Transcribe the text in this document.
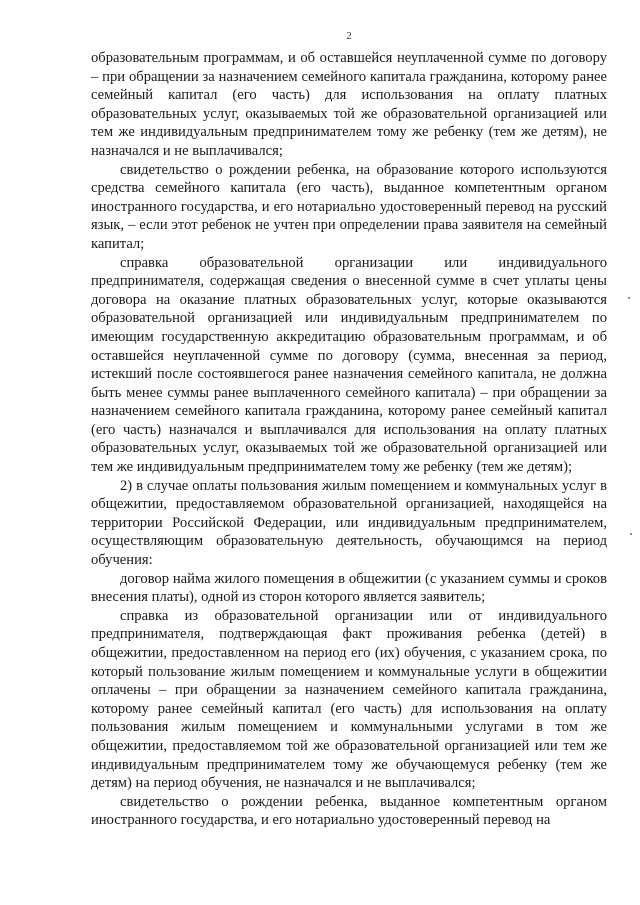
2

образовательным программам, и об оставшейся неуплаченной сумме по договору – при обращении за назначением семейного капитала гражданина, которому ранее семейный капитал (его часть) для использования на оплату платных образовательных услуг, оказываемых той же образовательной организацией или тем же индивидуальным предпринимателем тому же ребенку (тем же детям), не назначался и не выплачивался;

свидетельство о рождении ребенка, на образование которого используются средства семейного капитала (его часть), выданное компетентным органом иностранного государства, и его нотариально удостоверенный перевод на русский язык, – если этот ребенок не учтен при определении права заявителя на семейный капитал;

справка образовательной организации или индивидуального предпринимателя, содержащая сведения о внесенной сумме в счет уплаты цены договора на оказание платных образовательных услуг, которые оказываются образовательной организацией или индивидуальным предпринимателем по имеющим государственную аккредитацию образовательным программам, и об оставшейся неуплаченной сумме по договору (сумма, внесенная за период, истекший после состоявшегося ранее назначения семейного капитала, не должна быть менее суммы ранее выплаченного семейного капитала) – при обращении за назначением семейного капитала гражданина, которому ранее семейный капитал (его часть) назначался и выплачивался для использования на оплату платных образовательных услуг, оказываемых той же образовательной организацией или тем же индивидуальным предпринимателем тому же ребенку (тем же детям);

2) в случае оплаты пользования жилым помещением и коммунальных услуг в общежитии, предоставляемом образовательной организацией, находящейся на территории Российской Федерации, или индивидуальным предпринимателем, осуществляющим образовательную деятельность, обучающимся на период обучения:

договор найма жилого помещения в общежитии (с указанием суммы и сроков внесения платы), одной из сторон которого является заявитель;

справка из образовательной организации или от индивидуального предпринимателя, подтверждающая факт проживания ребенка (детей) в общежитии, предоставленном на период его (их) обучения, с указанием срока, по который пользование жилым помещением и коммунальные услуги в общежитии оплачены – при обращении за назначением семейного капитала гражданина, которому ранее семейный капитал (его часть) для использования на оплату пользования жилым помещением и коммунальными услугами в том же общежитии, предоставляемом той же образовательной организацией или тем же индивидуальным предпринимателем тому же обучающемуся ребенку (тем же детям) на период обучения, не назначался и не выплачивался;

свидетельство о рождении ребенка, выданное компетентным органом иностранного государства, и его нотариально удостоверенный перевод на
